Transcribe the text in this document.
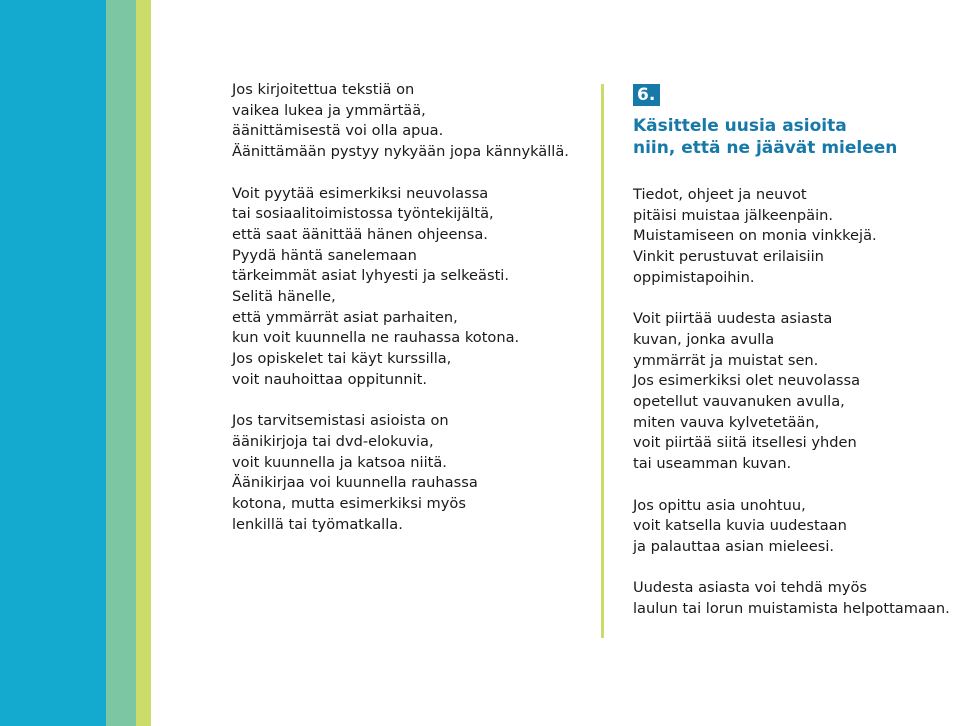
Jos kirjoitettua tekstiä on
vaikea lukea ja ymmärtää,
äänittämisestä voi olla apua.
Äänittämään pystyy nykyään jopa kännykällä.

Voit pyytää esimerkiksi neuvolassa
tai sosiaalitoimistossa työntekijältä,
että saat äänittää hänen ohjeensa.
Pyydä häntä sanelemaan
tärkeimmät asiat lyhyesti ja selkeästi.
Selitä hänelle,
että ymmärrät asiat parhaiten,
kun voit kuunnella ne rauhassa kotona.
Jos opiskelet tai käyt kurssilla,
voit nauhoittaa oppitunnit.

Jos tarvitsemistasi asioista on
äänikirjoja tai dvd-elokuvia,
voit kuunnella ja katsoa niitä.
Äänikirjaa voi kuunnella rauhassa
kotona, mutta esimerkiksi myös
lenkillä tai työmatkalla.

6.
Käsittele uusia asioita
niin, että ne jäävät mieleen

Tiedot, ohjeet ja neuvot
pitäisi muistaa jälkeenpäin.
Muistamiseen on monia vinkkejä.
Vinkit perustuvat erilaisiin
oppimistapoihin.

Voit piirtää uudesta asiasta
kuvan, jonka avulla
ymmärrät ja muistat sen.
Jos esimerkiksi olet neuvolassa
opetellut vauvanuken avulla,
miten vauva kylvetetään,
voit piirtää siitä itsellesi yhden
tai useamman kuvan.

Jos opittu asia unohtuu,
voit katsella kuvia uudestaan
ja palauttaa asian mieleesi.

Uudesta asiasta voi tehdä myös
laulun tai lorun muistamista helpottamaan.
